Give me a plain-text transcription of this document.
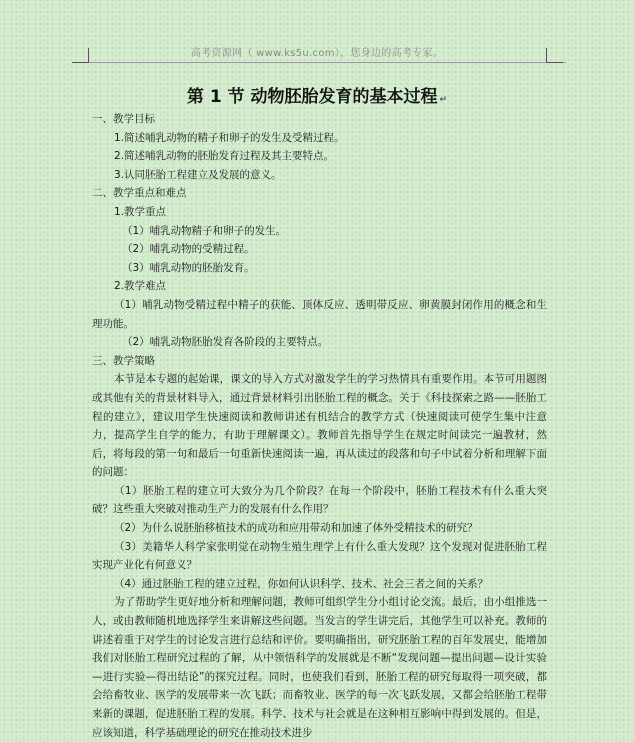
高考资源网（ www.ks5u.com），您身边的高考专家。
第 1 节 动物胚胎发育的基本过程 ↵

一、教学目标

1.简述哺乳动物的精子和卵子的发生及受精过程。

2.简述哺乳动物的胚胎发育过程及其主要特点。

3.认同胚胎工程建立及发展的意义。

二、教学重点和难点

1.教学重点

（1）哺乳动物精子和卵子的发生。

（2）哺乳动物的受精过程。

（3）哺乳动物的胚胎发育。

2.教学难点

（1）哺乳动物受精过程中精子的获能、顶体反应、透明带反应、卵黄膜封闭作用的概念和生理功能。

（2）哺乳动物胚胎发育各阶段的主要特点。

三、教学策略

本节是本专题的起始课，课文的导入方式对激发学生的学习热情具有重要作用。本节可用题图或其他有关的背景材料导入，通过背景材料引出胚胎工程的概念。关于《科技探索之路——胚胎工程的建立》，建议用学生快速阅读和教师讲述有机结合的教学方式（快速阅读可使学生集中注意力，提高学生自学的能力，有助于理解课文）。教师首先指导学生在规定时间读完一遍教材，然后，将每段的第一句和最后一句重新快速阅读一遍，再从读过的段落和句子中试着分析和理解下面的问题：

（1）胚胎工程的建立可大致分为几个阶段？在每一个阶段中，胚胎工程技术有什么重大突破？这些重大突破对推动生产力的发展有什么作用？

（2）为什么说胚胎移植技术的成功和应用带动和加速了体外受精技术的研究？

（3）美籍华人科学家张明觉在动物生殖生理学上有什么重大发现？这个发现对促进胚胎工程实现产业化有何意义？

（4）通过胚胎工程的建立过程，你如何认识科学、技术、社会三者之间的关系？

为了帮助学生更好地分析和理解问题，教师可组织学生分小组讨论交流。最后，由小组推选一人，或由教师随机地选择学生来讲解这些问题。当发言的学生讲完后，其他学生可以补充。教师的讲述着重于对学生的讨论发言进行总结和评价。要明确指出，研究胚胎工程的百年发展史，能增加我们对胚胎工程研究过程的了解，从中领悟科学的发展就是不断“发现问题—提出问题—设计实验—进行实验—得出结论”的探究过程。同时，也使我们看到，胚胎工程的研究每取得一项突破，都会给畜牧业、医学的发展带来一次飞跃；而畜牧业、医学的每一次飞跃发展，又都会给胚胎工程带来新的课题，促进胚胎工程的发展。科学、技术与社会就是在这种相互影响中得到发展的。但是，应该知道，科学基础理论的研究在推动技术进步
